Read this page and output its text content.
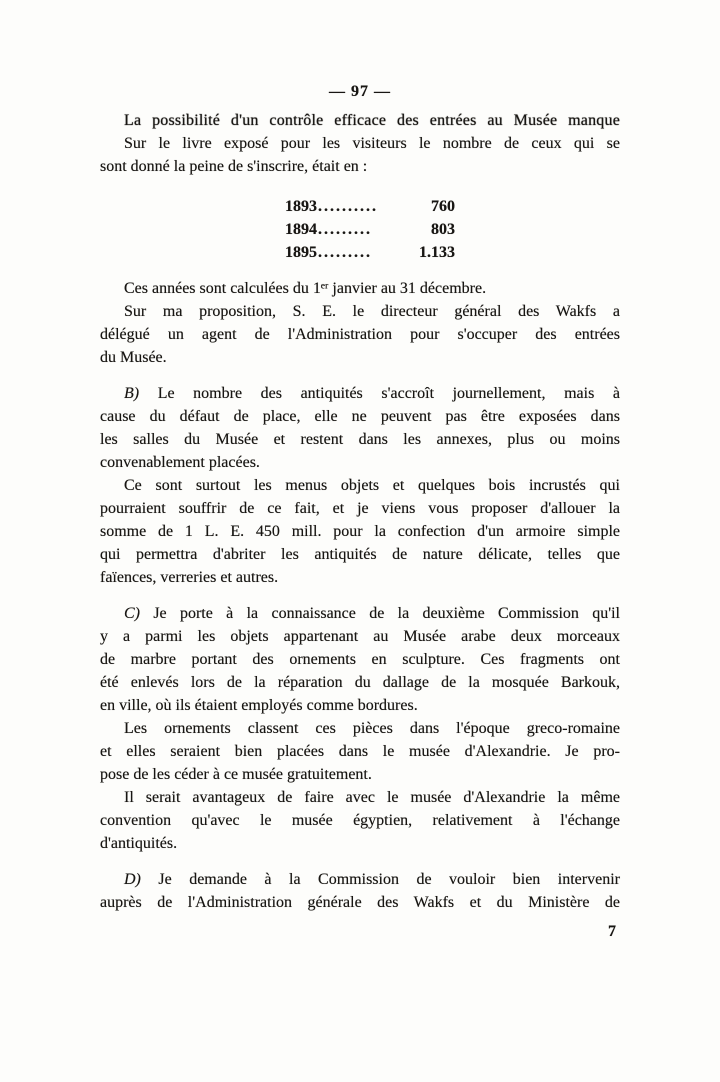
— 97 —
La possibilité d'un contrôle efficace des entrées au Musée manque
Sur le livre exposé pour les visiteurs le nombre de ceux qui se
sont donné la peine de s'inscrire, était en :
1893..........	760
1894.........	803
1895.........	1.133
Ces années sont calculées du 1ᵉʳ janvier au 31 décembre.
Sur ma proposition, S. E. le directeur général des Wakfs a
délégué un agent de l'Administration pour s'occuper des entrées
du Musée.
B) Le nombre des antiquités s'accroît journellement, mais à
cause du défaut de place, elle ne peuvent pas être exposées dans
les salles du Musée et restent dans les annexes, plus ou moins
convenablement placées.
Ce sont surtout les menus objets et quelques bois incrustés qui
pourraient souffrir de ce fait, et je viens vous proposer d'allouer la
somme de 1 L. E. 450 mill. pour la confection d'un armoire simple
qui permettra d'abriter les antiquités de nature délicate, telles que
faïences, verreries et autres.
C) Je porte à la connaissance de la deuxième Commission qu'il
y a parmi les objets appartenant au Musée arabe deux morceaux
de marbre portant des ornements en sculpture. Ces fragments ont
été enlevés lors de la réparation du dallage de la mosquée Barkouk,
en ville, où ils étaient employés comme bordures.
Les ornements classent ces pièces dans l'époque greco-romaine
et elles seraient bien placées dans le musée d'Alexandrie. Je pro-
pose de les céder à ce musée gratuitement.
Il serait avantageux de faire avec le musée d'Alexandrie la même
convention qu'avec le musée égyptien, relativement à l'échange
d'antiquités.
D) Je demande à la Commission de vouloir bien intervenir
auprès de l'Administration générale des Wakfs et du Ministère de
7
